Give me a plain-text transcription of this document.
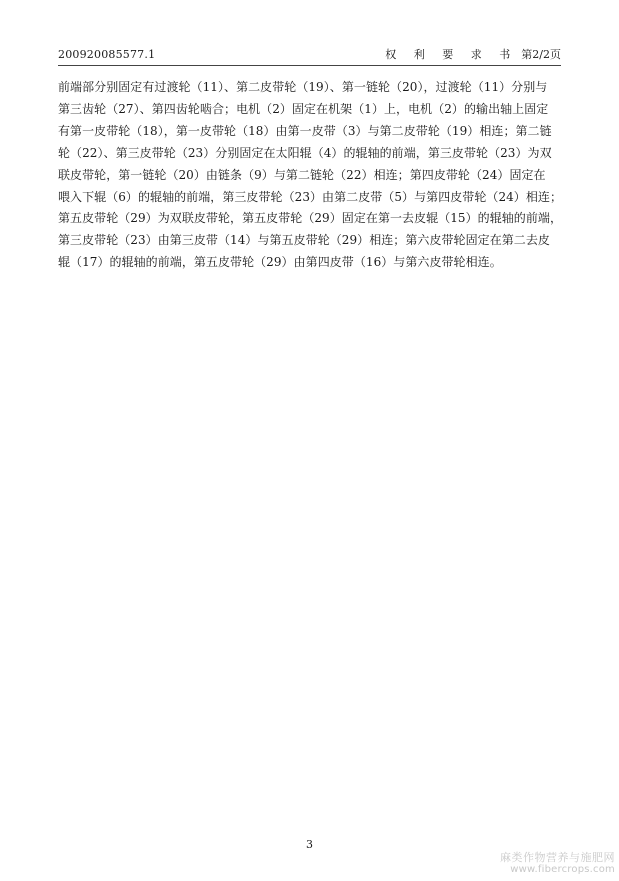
200920085577.1	权 利 要 求 书 第2/2页
前端部分别固定有过渡轮（11）、第二皮带轮（19）、第一链轮（20），过渡轮（11）分别与
第三齿轮（27）、第四齿轮啮合；电机（2）固定在机架（1）上，电机（2）的输出轴上固定
有第一皮带轮（18），第一皮带轮（18）由第一皮带（3）与第二皮带轮（19）相连；第二链
轮（22）、第三皮带轮（23）分别固定在太阳辊（4）的辊轴的前端，第三皮带轮（23）为双
联皮带轮，第一链轮（20）由链条（9）与第二链轮（22）相连；第四皮带轮（24）固定在
喂入下辊（6）的辊轴的前端，第三皮带轮（23）由第二皮带（5）与第四皮带轮（24）相连；
第五皮带轮（29）为双联皮带轮，第五皮带轮（29）固定在第一去皮辊（15）的辊轴的前端，
第三皮带轮（23）由第三皮带（14）与第五皮带轮（29）相连；第六皮带轮固定在第二去皮
辊（17）的辊轴的前端，第五皮带轮（29）由第四皮带（16）与第六皮带轮相连。
3
麻类作物营养与施肥网
www.fibercrops.com
